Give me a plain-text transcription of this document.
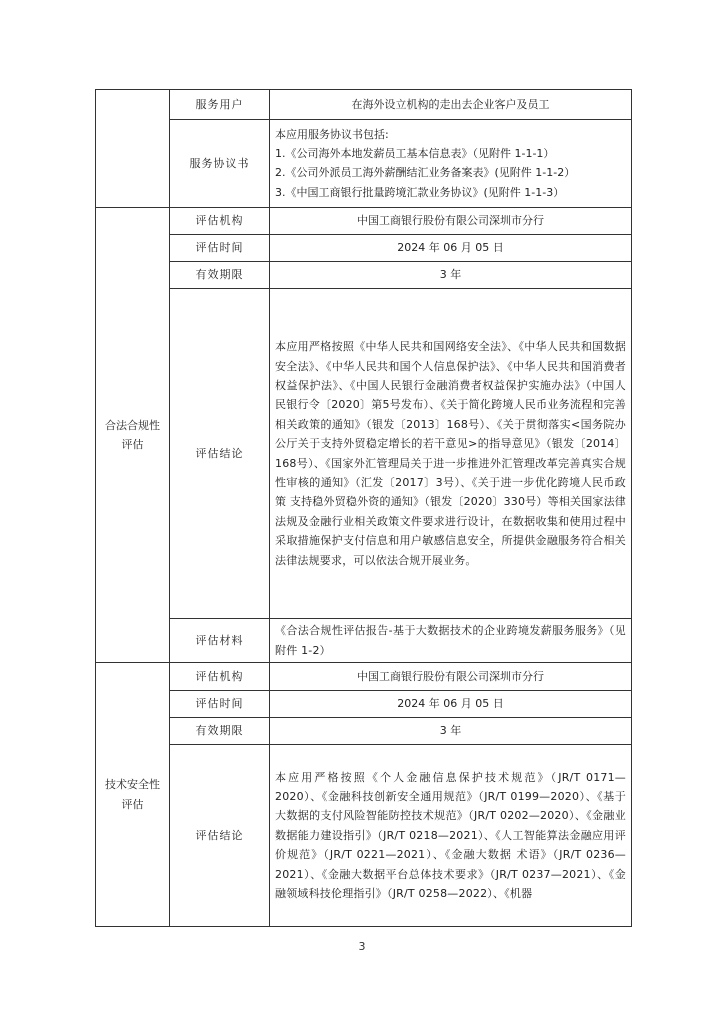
	服务用户	在海外设立机构的走出去企业客户及员工
	服务协议书	本应用服务协议书包括:
1.《公司海外本地发薪员工基本信息表》（见附件 1-1-1）
2.《公司外派员工海外薪酬结汇业务备案表》(见附件 1-1-2）
3.《中国工商银行批量跨境汇款业务协议》(见附件 1-1-3）

合法合规性评估	评估机构	中国工商银行股份有限公司深圳市分行
	评估时间	2024 年 06 月 05 日
	有效期限	3 年
	评估结论	本应用严格按照《中华人民共和国网络安全法》、《中华人民共和国数据安全法》、《中华人民共和国个人信息保护法》、《中华人民共和国消费者权益保护法》、《中国人民银行金融消费者权益保护实施办法》（中国人民银行令〔2020〕第5号发布）、《关于简化跨境人民币业务流程和完善相关政策的通知》（银发〔2013〕168号）、《关于贯彻落实<国务院办公厅关于支持外贸稳定增长的若干意见>的指导意见》（银发〔2014〕168号）、《国家外汇管理局关于进一步推进外汇管理改革完善真实合规性审核的通知》（汇发〔2017〕3号）、《关于进一步优化跨境人民币政策 支持稳外贸稳外资的通知》（银发〔2020〕330号）等相关国家法律法规及金融行业相关政策文件要求进行设计，在数据收集和使用过程中采取措施保护支付信息和用户敏感信息安全，所提供金融服务符合相关法律法规要求，可以依法合规开展业务。
	评估材料	《合法合规性评估报告-基于大数据技术的企业跨境发薪服务服务》（见附件 1-2）
技术安全性评估	评估机构	中国工商银行股份有限公司深圳市分行
	评估时间	2024 年 06 月 05 日
	有效期限	3 年
	评估结论	本应用严格按照《个人金融信息保护技术规范》（JR/T 0171—2020）、《金融科技创新安全通用规范》（JR/T 0199—2020）、《基于大数据的支付风险智能防控技术规范》（JR/T 0202—2020）、《金融业数据能力建设指引》（JR/T 0218—2021）、《人工智能算法金融应用评价规范》（JR/T 0221—2021）、《金融大数据 术语》（JR/T 0236—2021）、《金融大数据平台总体技术要求》（JR/T 0237—2021）、《金融领域科技伦理指引》（JR/T 0258—2022）、《机器
3
